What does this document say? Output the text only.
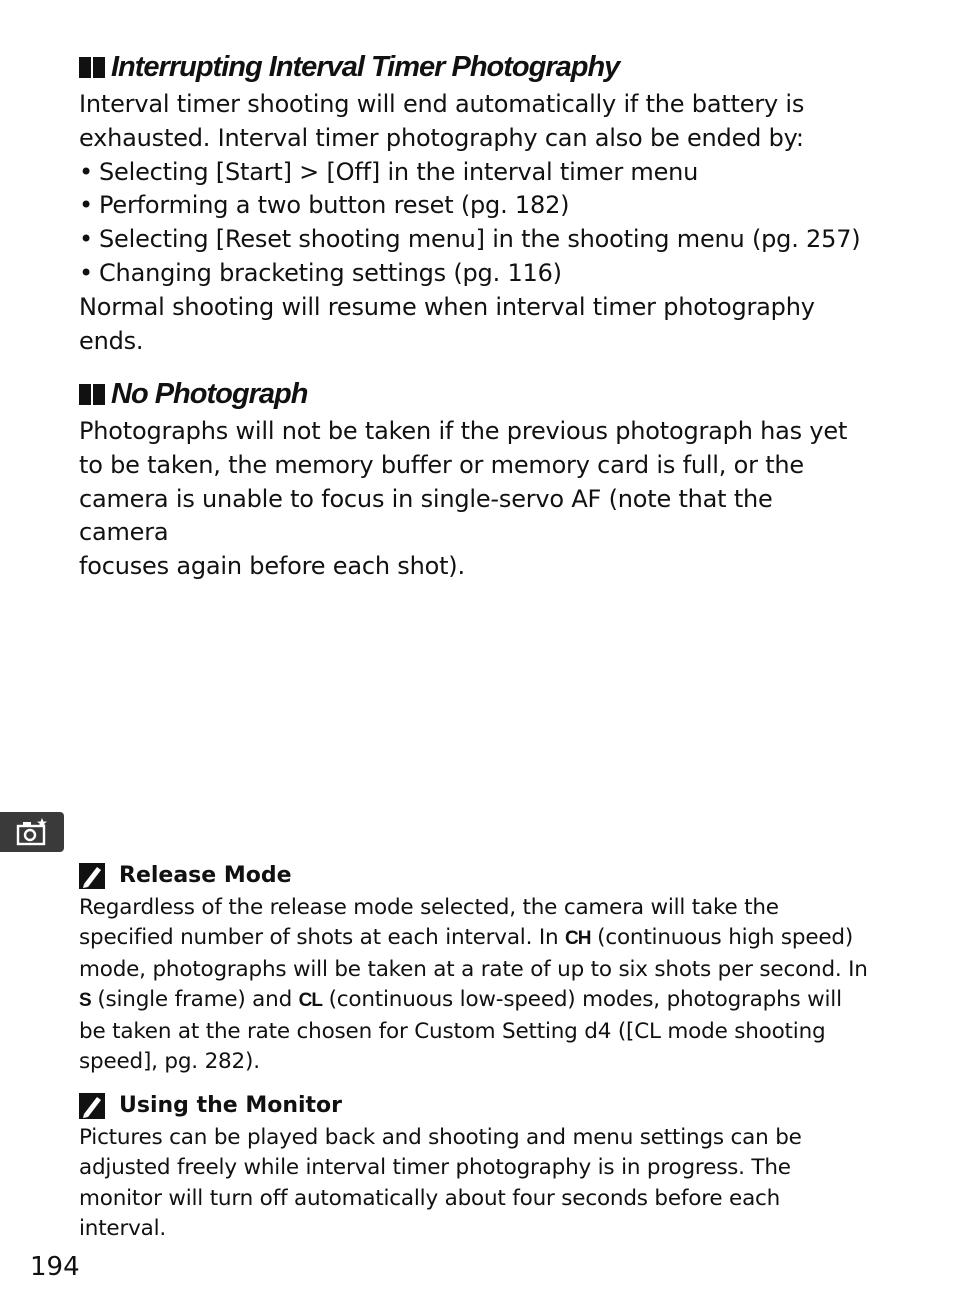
Interrupting Interval Timer Photography

Interval timer shooting will end automatically if the battery is
exhausted. Interval timer photography can also be ended by:

• Selecting [Start] > [Off] in the interval timer menu
• Performing a two button reset (pg. 182)
• Selecting [Reset shooting menu] in the shooting menu (pg. 257)
• Changing bracketing settings (pg. 116)

Normal shooting will resume when interval timer photography
ends.

No Photograph

Photographs will not be taken if the previous photograph has yet
to be taken, the memory buffer or memory card is full, or the
camera is unable to focus in single-servo AF (note that the camera
focuses again before each shot).

Release Mode

Regardless of the release mode selected, the camera will take the
specified number of shots at each interval. In CH (continuous high speed)
mode, photographs will be taken at a rate of up to six shots per second. In
S (single frame) and CL (continuous low-speed) modes, photographs will
be taken at the rate chosen for Custom Setting d4 ([CL mode shooting
speed], pg. 282).

Using the Monitor

Pictures can be played back and shooting and menu settings can be
adjusted freely while interval timer photography is in progress. The
monitor will turn off automatically about four seconds before each
interval.

194
